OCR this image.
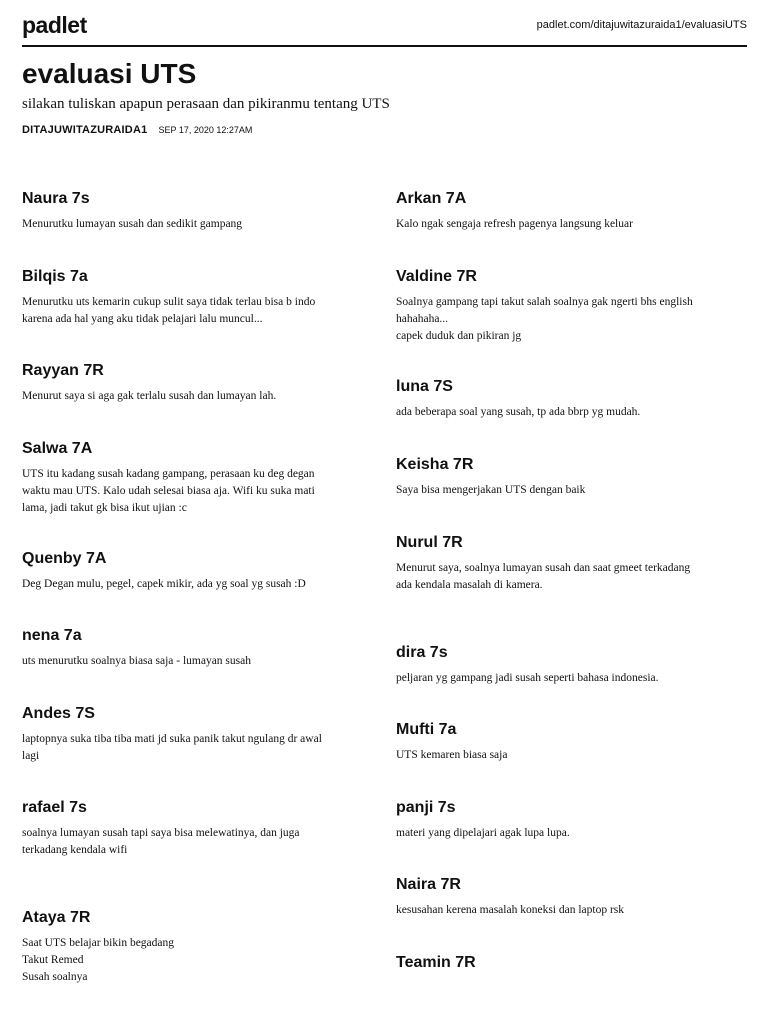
padlet	padlet.com/ditajuwitazuraida1/evaluasiUTS
evaluasi UTS
silakan tuliskan apapun perasaan dan pikiranmu tentang UTS
DITAJUWITAZURAIDA1 SEP 17, 2020 12:27AM
Naura 7s

Menurutku lumayan susah dan sedikit gampang

Bilqis 7a

Menurutku uts kemarin cukup sulit saya tidak terlau bisa b indo
karena ada hal yang aku tidak pelajari lalu muncul...

Rayyan 7R

Menurut saya si aga gak terlalu susah dan lumayan lah.

Salwa 7A

UTS itu kadang susah kadang gampang, perasaan ku deg degan
waktu mau UTS. Kalo udah selesai biasa aja. Wifi ku suka mati
lama, jadi takut gk bisa ikut ujian :c

Quenby 7A

Deg Degan mulu, pegel, capek mikir, ada yg soal yg susah :D

nena 7a

uts menurutku soalnya biasa saja - lumayan susah

Andes 7S

laptopnya suka tiba tiba mati jd suka panik takut ngulang dr awal
lagi

rafael 7s

soalnya lumayan susah tapi saya bisa melewatinya, dan juga
terkadang kendala wifi

Ataya 7R

Saat UTS belajar bikin begadang
Takut Remed
Susah soalnya

Arkan 7A

Kalo ngak sengaja refresh pagenya langsung keluar

Valdine 7R

Soalnya gampang tapi takut salah soalnya gak ngerti bhs english
hahahaha...
capek duduk dan pikiran jg

luna 7S

ada beberapa soal yang susah, tp ada bbrp yg mudah.

Keisha 7R

Saya bisa mengerjakan UTS dengan baik

Nurul 7R

Menurut saya, soalnya lumayan susah dan saat gmeet terkadang
ada kendala masalah di kamera.

dira 7s

peljaran yg gampang jadi susah seperti bahasa indonesia.

Mufti 7a

UTS kemaren biasa saja

panji 7s

materi yang dipelajari agak lupa lupa.

Naira 7R

kesusahan kerena masalah koneksi dan laptop rsk

Teamin 7R
